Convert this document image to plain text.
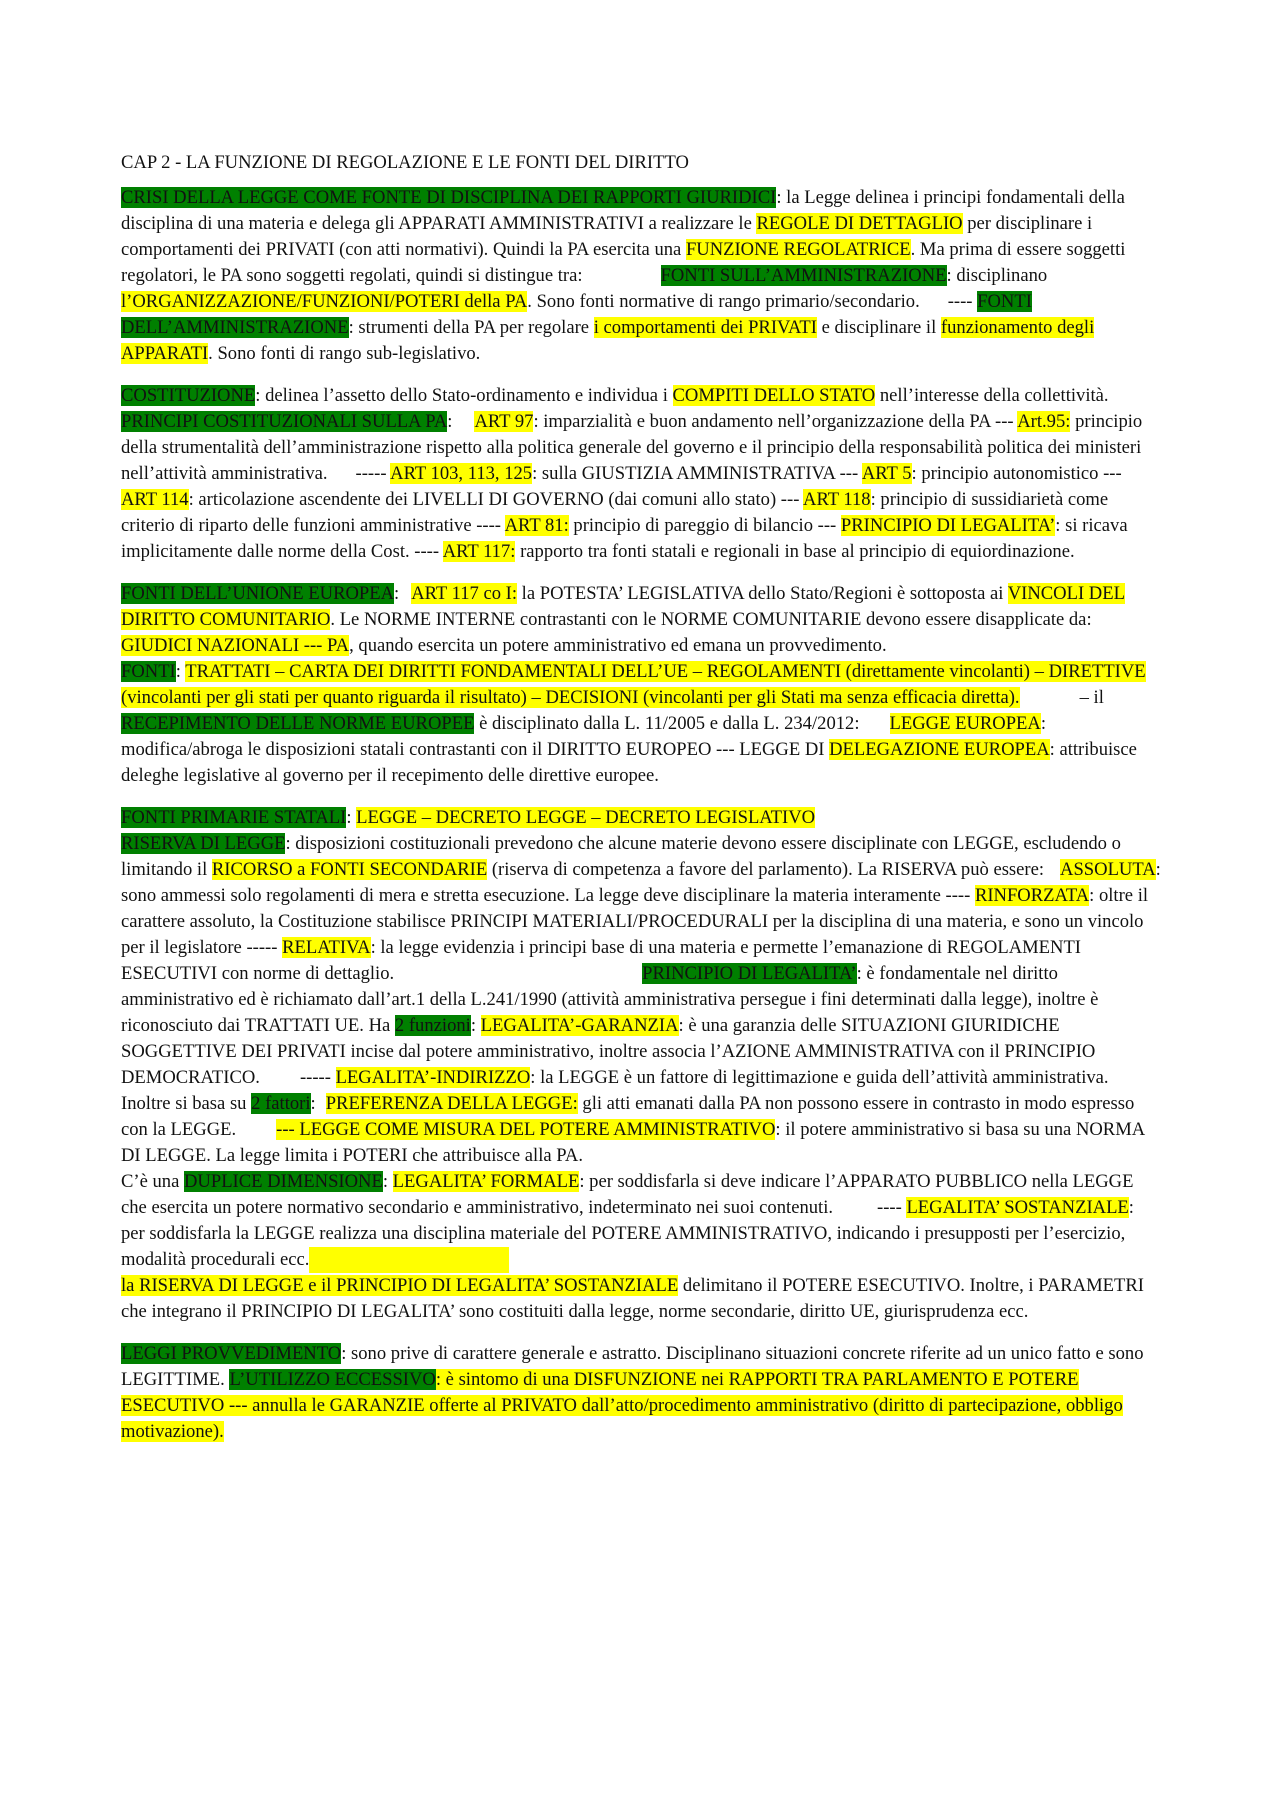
CAP 2 - LA FUNZIONE DI REGOLAZIONE E LE FONTI DEL DIRITTO
CRISI DELLA LEGGE COME FONTE DI DISCIPLINA DEI RAPPORTI GIURIDICI: la Legge delinea i principi fondamentali della disciplina di una materia e delega gli APPARATI AMMINISTRATIVI a realizzare le REGOLE DI DETTAGLIO per disciplinare i comportamenti dei PRIVATI (con atti normativi). Quindi la PA esercita una FUNZIONE REGOLATRICE. Ma prima di essere soggetti regolatori, le PA sono soggetti regolati, quindi si distingue tra:	FONTI SULL’AMMINISTRAZIONE: disciplinano l’ORGANIZZAZIONE/FUNZIONI/POTERI della PA. Sono fonti normative di rango primario/secondario. ---- FONTI DELL’AMMINISTRAZIONE: strumenti della PA per regolare i comportamenti dei PRIVATI e disciplinare il funzionamento degli APPARATI. Sono fonti di rango sub-legislativo.
COSTITUZIONE: delinea l’assetto dello Stato-ordinamento e individua i COMPITI DELLO STATO nell’interesse della collettività.PRINCIPI COSTITUZIONALI SULLA PA: ART 97: imparzialità e buon andamento nell’organizzazione della PA --- Art.95: principio della strumentalità dell’amministrazione rispetto alla politica generale del governo e il principio della responsabilità politica dei ministeri nell’attività amministrativa. ----- ART 103, 113, 125: sulla GIUSTIZIA AMMINISTRATIVA --- ART 5: principio autonomistico --- ART 114: articolazione ascendente dei LIVELLI DI GOVERNO (dai comuni allo stato) --- ART 118: principio di sussidiarietà come criterio di riparto delle funzioni amministrative ---- ART 81: principio di pareggio di bilancio --- PRINCIPIO DI LEGALITA’: si ricava implicitamente dalle norme della Cost. ---- ART 117: rapporto tra fonti statali e regionali in base al principio di equiordinazione.
FONTI DELL’UNIONE EUROPEA: ART 117 co I: la POTESTA’ LEGISLATIVA dello Stato/Regioni è sottoposta ai VINCOLI DEL DIRITTO COMUNITARIO. Le NORME INTERNE contrastanti con le NORME COMUNITARIE devono essere disapplicate da: GIUDICI NAZIONALI --- PA, quando esercita un potere amministrativo ed emana un provvedimento.
FONTI: TRATTATI – CARTA DEI DIRITTI FONDAMENTALI DELL’UE – REGOLAMENTI (direttamente vincolanti) – DIRETTIVE (vincolanti per gli stati per quanto riguarda il risultato) – DECISIONI (vincolanti per gli Stati ma senza efficacia diretta).	– il RECEPIMENTO DELLE NORME EUROPEE è disciplinato dalla L. 11/2005 e dalla L. 234/2012: LEGGE EUROPEA: modifica/abroga le disposizioni statali contrastanti con il DIRITTO EUROPEO --- LEGGE DI DELEGAZIONE EUROPEA: attribuisce deleghe legislative al governo per il recepimento delle direttive europee.
FONTI PRIMARIE STATALI: LEGGE – DECRETO LEGGE – DECRETO LEGISLATIVO
RISERVA DI LEGGE: disposizioni costituzionali prevedono che alcune materie devono essere disciplinate con LEGGE, escludendo o limitando il RICORSO a FONTI SECONDARIE (riserva di competenza a favore del parlamento). La RISERVA può essere: ASSOLUTA: sono ammessi solo regolamenti di mera e stretta esecuzione. La legge deve disciplinare la materia interamente ---- RINFORZATA: oltre il carattere assoluto, la Costituzione stabilisce PRINCIPI MATERIALI/PROCEDURALI per la disciplina di una materia, e sono un vincolo per il legislatore ----- RELATIVA: la legge evidenzia i principi base di una materia e permette l’emanazione di REGOLAMENTI ESECUTIVI con norme di dettaglio.	PRINCIPIO DI LEGALITA’: è fondamentale nel diritto amministrativo ed è richiamato dall’art.1 della L.241/1990 (attività amministrativa persegue i fini determinati dalla legge), inoltre è riconosciuto dai TRATTATI UE. Ha 2 funzioni: LEGALITA’-GARANZIA: è una garanzia delle SITUAZIONI GIURIDICHE SOGGETTIVE DEI PRIVATI incise dal potere amministrativo, inoltre associa l’AZIONE AMMINISTRATIVA con il PRINCIPIO DEMOCRATICO. ----- LEGALITA’-INDIRIZZO: la LEGGE è un fattore di legittimazione e guida dell’attività amministrativa.
Inoltre si basa su 2 fattori: PREFERENZA DELLA LEGGE: gli atti emanati dalla PA non possono essere in contrasto in modo espresso con la LEGGE. --- LEGGE COME MISURA DEL POTERE AMMINISTRATIVO: il potere amministrativo si basa su una NORMA DI LEGGE. La legge limita i POTERI che attribuisce alla PA.
C’è una DUPLICE DIMENSIONE: LEGALITA’ FORMALE: per soddisfarla si deve indicare l’APPARATO PUBBLICO nella LEGGE che esercita un potere normativo secondario e amministrativo, indeterminato nei suoi contenuti. ---- LEGALITA’ SOSTANZIALE: per soddisfarla la LEGGE realizza una disciplina materiale del POTERE AMMINISTRATIVO, indicando i presupposti per l’esercizio, modalità procedurali ecc.
la RISERVA DI LEGGE e il PRINCIPIO DI LEGALITA’ SOSTANZIALE delimitano il POTERE ESECUTIVO. Inoltre, i PARAMETRI che integrano il PRINCIPIO DI LEGALITA’ sono costituiti dalla legge, norme secondarie, diritto UE, giurisprudenza ecc.
LEGGI PROVVEDIMENTO: sono prive di carattere generale e astratto. Disciplinano situazioni concrete riferite ad un unico fatto e sono LEGITTIME. L’UTILIZZO ECCESSIVO: è sintomo di una DISFUNZIONE nei RAPPORTI TRA PARLAMENTO E POTERE ESECUTIVO --- annulla le GARANZIE offerte al PRIVATO dall’atto/procedimento amministrativo (diritto di partecipazione, obbligo motivazione).
